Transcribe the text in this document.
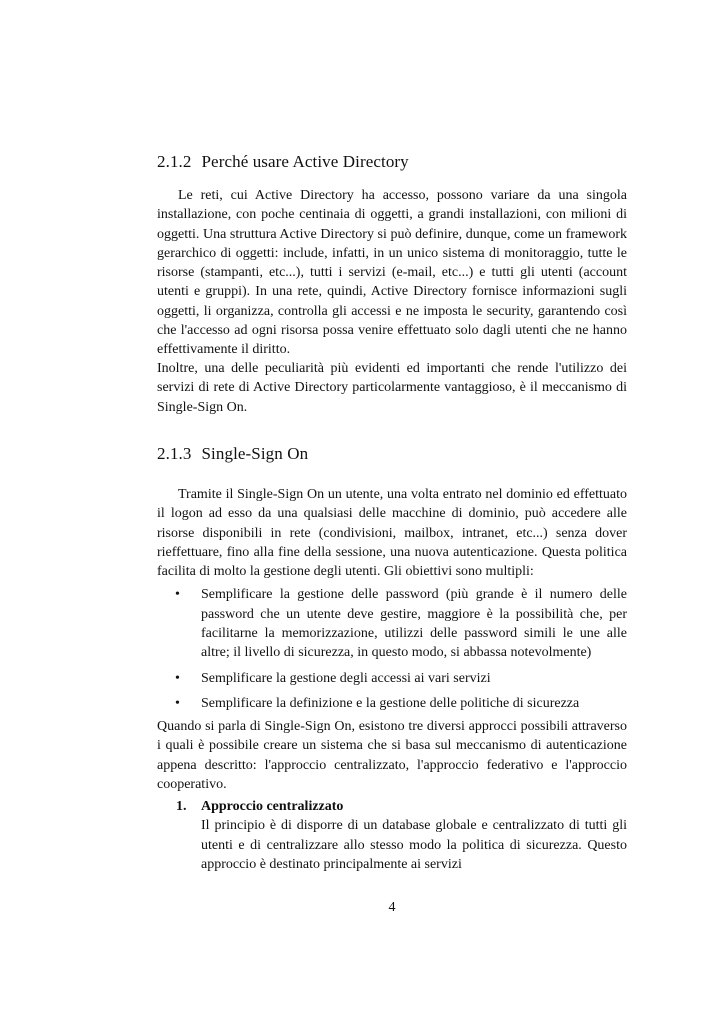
2.1.2 Perché usare Active Directory

Le reti, cui Active Directory ha accesso, possono variare da una singola installazione, con poche centinaia di oggetti, a grandi installazioni, con milioni di oggetti. Una struttura Active Directory si può definire, dunque, come un framework gerarchico di oggetti: include, infatti, in un unico sistema di monitoraggio, tutte le risorse (stampanti, etc...), tutti i servizi (e-mail, etc...) e tutti gli utenti (account utenti e gruppi). In una rete, quindi, Active Directory fornisce informazioni sugli oggetti, li organizza, controlla gli accessi e ne imposta le security, garantendo così che l'accesso ad ogni risorsa possa venire effettuato solo dagli utenti che ne hanno effettivamente il diritto.

Inoltre, una delle peculiarità più evidenti ed importanti che rende l'utilizzo dei servizi di rete di Active Directory particolarmente vantaggioso, è il meccanismo di Single-Sign On.

2.1.3 Single-Sign On

Tramite il Single-Sign On un utente, una volta entrato nel dominio ed effettuato il logon ad esso da una qualsiasi delle macchine di dominio, può accedere alle risorse disponibili in rete (condivisioni, mailbox, intranet, etc...) senza dover rieffettuare, fino alla fine della sessione, una nuova autenticazione. Questa politica facilita di molto la gestione degli utenti. Gli obiettivi sono multipli:

• Semplificare la gestione delle password (più grande è il numero delle password che un utente deve gestire, maggiore è la possibilità che, per facilitarne la memorizzazione, utilizzi delle password simili le une alle altre; il livello di sicurezza, in questo modo, si abbassa notevolmente)
• Semplificare la gestione degli accessi ai vari servizi
• Semplificare la definizione e la gestione delle politiche di sicurezza

Quando si parla di Single-Sign On, esistono tre diversi approcci possibili attraverso i quali è possibile creare un sistema che si basa sul meccanismo di autenticazione appena descritto: l'approccio centralizzato, l'approccio federativo e l'approccio cooperativo.

1. Approccio centralizzato
Il principio è di disporre di un database globale e centralizzato di tutti gli utenti e di centralizzare allo stesso modo la politica di sicurezza. Questo approccio è destinato principalmente ai servizi
4
